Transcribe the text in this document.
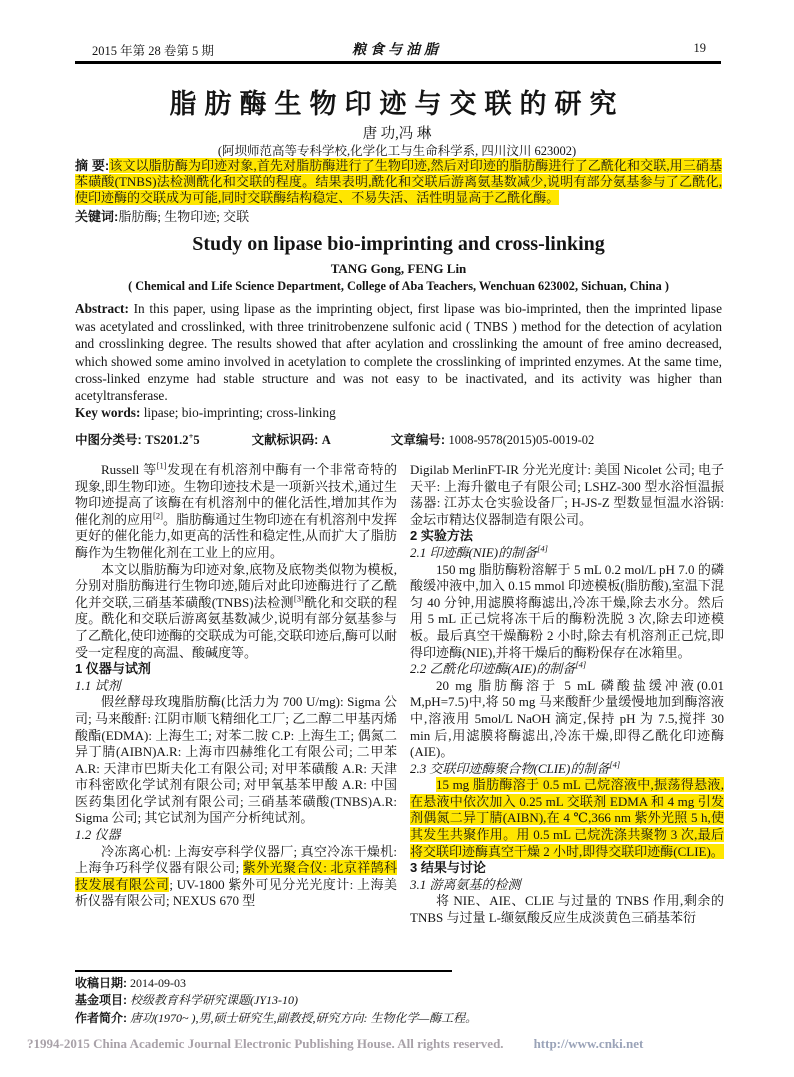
2015 年第 28 卷第 5 期	粮食与油脂	19
脂肪酶生物印迹与交联的研究
唐 功,冯 琳
(阿坝师范高等专科学校,化学化工与生命科学系, 四川汶川 623002)

摘 要:该文以脂肪酶为印迹对象,首先对脂肪酶进行了生物印迹,然后对印迹的脂肪酶进行了乙酰化和交联,用三硝基苯磺酸(TNBS)法检测酰化和交联的程度。结果表明,酰化和交联后游离氨基数减少,说明有部分氨基参与了乙酰化,使印迹酶的交联成为可能,同时交联酶结构稳定、不易失活、活性明显高于乙酰化酶。

关键词:脂肪酶; 生物印迹; 交联

Study on lipase bio-imprinting and cross-linking

TANG Gong, FENG Lin

( Chemical and Life Science Department, College of Aba Teachers, Wenchuan 623002, Sichuan, China )

Abstract: In this paper, using lipase as the imprinting object, first lipase was bio-imprinted, then the imprinted lipase was acetylated and crosslinked, with three trinitrobenzene sulfonic acid ( TNBS ) method for the detection of acylation and crosslinking degree. The results showed that after acylation and crosslinking the amount of free amino decreased, which showed some amino involved in acetylation to complete the crosslinking of imprinted enzymes. At the same time, cross-linked enzyme had stable structure and was not easy to be inactivated, and its activity was higher than acetyltransferase.

Key words: lipase; bio-imprinting; cross-linking

中图分类号: TS201.2+5	文献标识码: A	文章编号: 1008-9578(2015)05-0019-02

Russell 等[1]发现在有机溶剂中酶有一个非常奇特的现象,即生物印迹。生物印迹技术是一项新兴技术,通过生物印迹提高了该酶在有机溶剂中的催化活性,增加其作为催化剂的应用[2]。脂肪酶通过生物印迹在有机溶剂中发挥更好的催化能力,如更高的活性和稳定性,从而扩大了脂肪酶作为生物催化剂在工业上的应用。

本文以脂肪酶为印迹对象,底物及底物类似物为模板,分别对脂肪酶进行生物印迹,随后对此印迹酶进行了乙酰化并交联,三硝基苯磺酸(TNBS)法检测[3]酰化和交联的程度。酰化和交联后游离氨基数减少,说明有部分氨基参与了乙酰化,使印迹酶的交联成为可能,交联印迹后,酶可以耐受一定程度的高温、酸碱度等。

1 仪器与试剂

1.1 试剂

假丝酵母玫瑰脂肪酶(比活力为 700 U/mg): Sigma 公司; 马来酸酐: 江阴市顺飞精细化工厂; 乙二醇二甲基丙烯酸酯(EDMA): 上海生工; 对苯二胺 C.P: 上海生工; 偶氮二异丁腈(AIBN)A.R: 上海市四赫维化工有限公司; 二甲苯 A.R: 天津市巴斯夫化工有限公司; 对甲苯磺酸 A.R: 天津市科密欧化学试剂有限公司; 对甲氧基苯甲酸 A.R: 中国医药集团化学试剂有限公司; 三硝基苯磺酸(TNBS)A.R: Sigma 公司; 其它试剂为国产分析纯试剂。

1.2 仪器

冷冻离心机: 上海安亭科学仪器厂; 真空冷冻干燥机: 上海争巧科学仪器有限公司; 紫外光聚合仪: 北京祥鹄科技发展有限公司; UV-1800 紫外可见分光光度计: 上海美析仪器有限公司; NEXUS 670 型

Digilab MerlinFT-IR 分光光度计: 美国 Nicolet 公司; 电子天平: 上海升徽电子有限公司; LSHZ-300 型水浴恒温振荡器: 江苏太仓实验设备厂; H-JS-Z 型数显恒温水浴锅: 金坛市精达仪器制造有限公司。

2 实验方法

2.1 印迹酶(NIE)的制备[4]

150 mg 脂肪酶粉溶解于 5 mL 0.2 mol/L pH 7.0 的磷酸缓冲液中,加入 0.15 mmol 印迹模板(脂肪酸),室温下混匀 40 分钟,用滤膜将酶滤出,冷冻干燥,除去水分。然后用 5 mL 正己烷将冻干后的酶粉洗脱 3 次,除去印迹模板。最后真空干燥酶粉 2 小时,除去有机溶剂正己烷,即得印迹酶(NIE),并将干燥后的酶粉保存在冰箱里。

2.2 乙酰化印迹酶(AIE)的制备[4]

20 mg 脂肪酶溶于 5 mL 磷酸盐缓冲液(0.01 M,pH=7.5)中,将 50 mg 马来酸酐少量缓慢地加到酶溶液中,溶液用 5mol/L NaOH 滴定,保持 pH 为 7.5,搅拌 30 min 后,用滤膜将酶滤出,冷冻干燥,即得乙酰化印迹酶(AIE)。

2.3 交联印迹酶聚合物(CLIE)的制备[4]

15 mg 脂肪酶溶于 0.5 mL 己烷溶液中,振荡得悬液,在悬液中依次加入 0.25 mL 交联剂 EDMA 和 4 mg 引发剂偶氮二异丁腈(AIBN),在 4 ℃,366 nm 紫外光照 5 h,使其发生共聚作用。用 0.5 mL 己烷洗涤共聚物 3 次,最后将交联印迹酶真空干燥 2 小时,即得交联印迹酶(CLIE)。

3 结果与讨论

3.1 游离氨基的检测

将 NIE、AIE、CLIE 与过量的 TNBS 作用,剩余的 TNBS 与过量 L-缬氨酸反应生成淡黄色三硝基苯衍

收稿日期: 2014-09-03
基金项目: 校级教育科学研究课题(JY13-10)
作者简介: 唐功(1970~ ),男,硕士研究生,副教授,研究方向: 生物化学—酶工程。
?1994-2015 China Academic Journal Electronic Publishing House. All rights reserved. http://www.cnki.net
